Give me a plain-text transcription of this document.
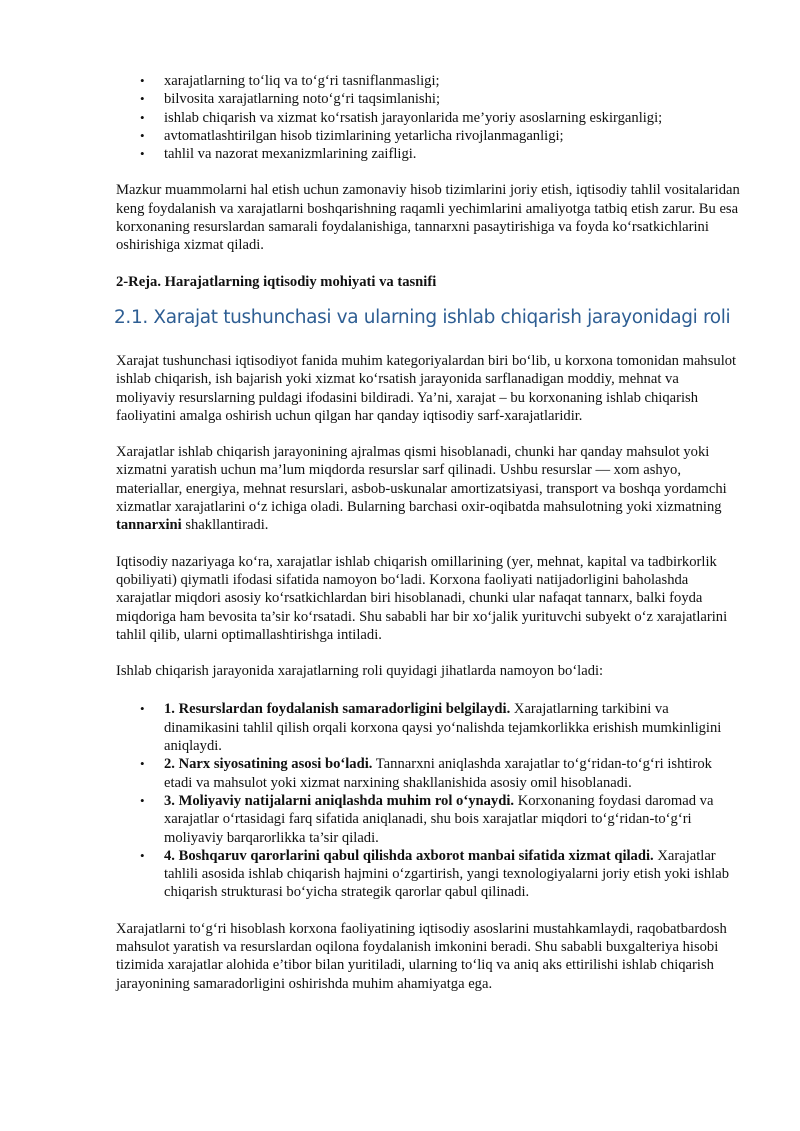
• xarajatlarning to‘liq va to‘g‘ri tasniflanmasligi;
• bilvosita xarajatlarning noto‘g‘ri taqsimlanishi;
• ishlab chiqarish va xizmat ko‘rsatish jarayonlarida me’yoriy asoslarning eskirganligi;
• avtomatlashtirilgan hisob tizimlarining yetarlicha rivojlanmaganligi;
• tahlil va nazorat mexanizmlarining zaifligi.

Mazkur muammolarni hal etish uchun zamonaviy hisob tizimlarini joriy etish, iqtisodiy tahlil vositalaridan keng foydalanish va xarajatlarni boshqarishning raqamli yechimlarini amaliyotga tatbiq etish zarur. Bu esa korxonaning resurslardan samarali foydalanishiga, tannarxni pasaytirishiga va foyda ko‘rsatkichlarini oshirishiga xizmat qiladi.

2-Reja. Harajatlarning iqtisodiy mohiyati va tasnifi
2.1. Xarajat tushunchasi va ularning ishlab chiqarish jarayonidagi roli

Xarajat tushunchasi iqtisodiyot fanida muhim kategoriyalardan biri bo‘lib, u korxona tomonidan mahsulot ishlab chiqarish, ish bajarish yoki xizmat ko‘rsatish jarayonida sarflanadigan moddiy, mehnat va moliyaviy resurslarning puldagi ifodasini bildiradi. Ya’ni, xarajat – bu korxonaning ishlab chiqarish faoliyatini amalga oshirish uchun qilgan har qanday iqtisodiy sarf-xarajatlaridir.

Xarajatlar ishlab chiqarish jarayonining ajralmas qismi hisoblanadi, chunki har qanday mahsulot yoki xizmatni yaratish uchun ma’lum miqdorda resurslar sarf qilinadi. Ushbu resurslar — xom ashyo, materiallar, energiya, mehnat resurslari, asbob-uskunalar amortizatsiyasi, transport va boshqa yordamchi xizmatlar xarajatlarini o‘z ichiga oladi. Bularning barchasi oxir-oqibatda mahsulotning yoki xizmatning tannarxini shakllantiradi.

Iqtisodiy nazariyaga ko‘ra, xarajatlar ishlab chiqarish omillarining (yer, mehnat, kapital va tadbirkorlik qobiliyati) qiymatli ifodasi sifatida namoyon bo‘ladi. Korxona faoliyati natijadorligini baholashda xarajatlar miqdori asosiy ko‘rsatkichlardan biri hisoblanadi, chunki ular nafaqat tannarx, balki foyda miqdoriga ham bevosita ta’sir ko‘rsatadi. Shu sababli har bir xo‘jalik yurituvchi subyekt o‘z xarajatlarini tahlil qilib, ularni optimallashtirishga intiladi.

Ishlab chiqarish jarayonida xarajatlarning roli quyidagi jihatlarda namoyon bo‘ladi:

• 1. Resurslardan foydalanish samaradorligini belgilaydi. Xarajatlarning tarkibini va dinamikasini tahlil qilish orqali korxona qaysi yo‘nalishda tejamkorlikka erishish mumkinligini aniqlaydi.
• 2. Narx siyosatining asosi bo‘ladi. Tannarxni aniqlashda xarajatlar to‘g‘ridan-to‘g‘ri ishtirok etadi va mahsulot yoki xizmat narxining shakllanishida asosiy omil hisoblanadi.
• 3. Moliyaviy natijalarni aniqlashda muhim rol o‘ynaydi. Korxonaning foydasi daromad va xarajatlar o‘rtasidagi farq sifatida aniqlanadi, shu bois xarajatlar miqdori to‘g‘ridan-to‘g‘ri moliyaviy barqarorlikka ta’sir qiladi.
• 4. Boshqaruv qarorlarini qabul qilishda axborot manbai sifatida xizmat qiladi. Xarajatlar tahlili asosida ishlab chiqarish hajmini o‘zgartirish, yangi texnologiyalarni joriy etish yoki ishlab chiqarish strukturasi bo‘yicha strategik qarorlar qabul qilinadi.

Xarajatlarni to‘g‘ri hisoblash korxona faoliyatining iqtisodiy asoslarini mustahkamlaydi, raqobatbardosh mahsulot yaratish va resurslardan oqilona foydalanish imkonini beradi. Shu sababli buxgalteriya hisobi tizimida xarajatlar alohida e’tibor bilan yuritiladi, ularning to‘liq va aniq aks ettirilishi ishlab chiqarish jarayonining samaradorligini oshirishda muhim ahamiyatga ega.
